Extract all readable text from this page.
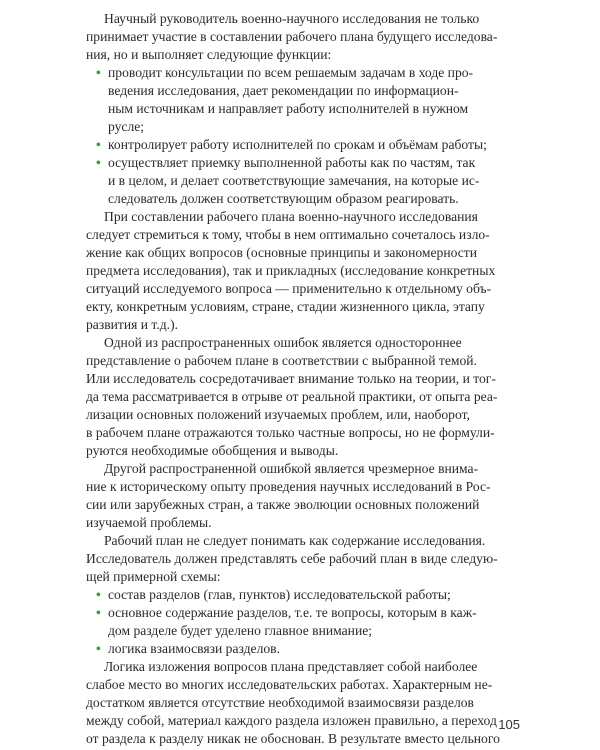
Научный руководитель военно-научного исследования не только
принимает участие в составлении рабочего плана будущего исследова-
ния, но и выполняет следующие функции:
• проводит консультации по всем решаемым задачам в ходе про-
ведения исследования, дает рекомендации по информацион-
ным источникам и направляет работу исполнителей в нужном
русле;
• контролирует работу исполнителей по срокам и объёмам работы;
• осуществляет приемку выполненной работы как по частям, так
и в целом, и делает соответствующие замечания, на которые ис-
следователь должен соответствующим образом реагировать.
При составлении рабочего плана военно-научного исследования
следует стремиться к тому, чтобы в нем оптимально сочеталось изло-
жение как общих вопросов (основные принципы и закономерности
предмета исследования), так и прикладных (исследование конкретных
ситуаций исследуемого вопроса — применительно к отдельному объ-
екту, конкретным условиям, стране, стадии жизненного цикла, этапу
развития и т.д.).
Одной из распространенных ошибок является одностороннее
представление о рабочем плане в соответствии с выбранной темой.
Или исследователь сосредотачивает внимание только на теории, и тог-
да тема рассматривается в отрыве от реальной практики, от опыта реа-
лизации основных положений изучаемых проблем, или, наоборот,
в рабочем плане отражаются только частные вопросы, но не формули-
руются необходимые обобщения и выводы.
Другой распространенной ошибкой является чрезмерное внима-
ние к историческому опыту проведения научных исследований в Рос-
сии или зарубежных стран, а также эволюции основных положений
изучаемой проблемы.
Рабочий план не следует понимать как содержание исследования.
Исследователь должен представлять себе рабочий план в виде следую-
щей примерной схемы:
• состав разделов (глав, пунктов) исследовательской работы;
• основное содержание разделов, т.е. те вопросы, которым в каж-
дом разделе будет уделено главное внимание;
• логика взаимосвязи разделов.
Логика изложения вопросов плана представляет собой наиболее
слабое место во многих исследовательских работах. Характерным не-
достатком является отсутствие необходимой взаимосвязи разделов
между собой, материал каждого раздела изложен правильно, а переход
от раздела к разделу никак не обоснован. В результате вместо цельного
105
